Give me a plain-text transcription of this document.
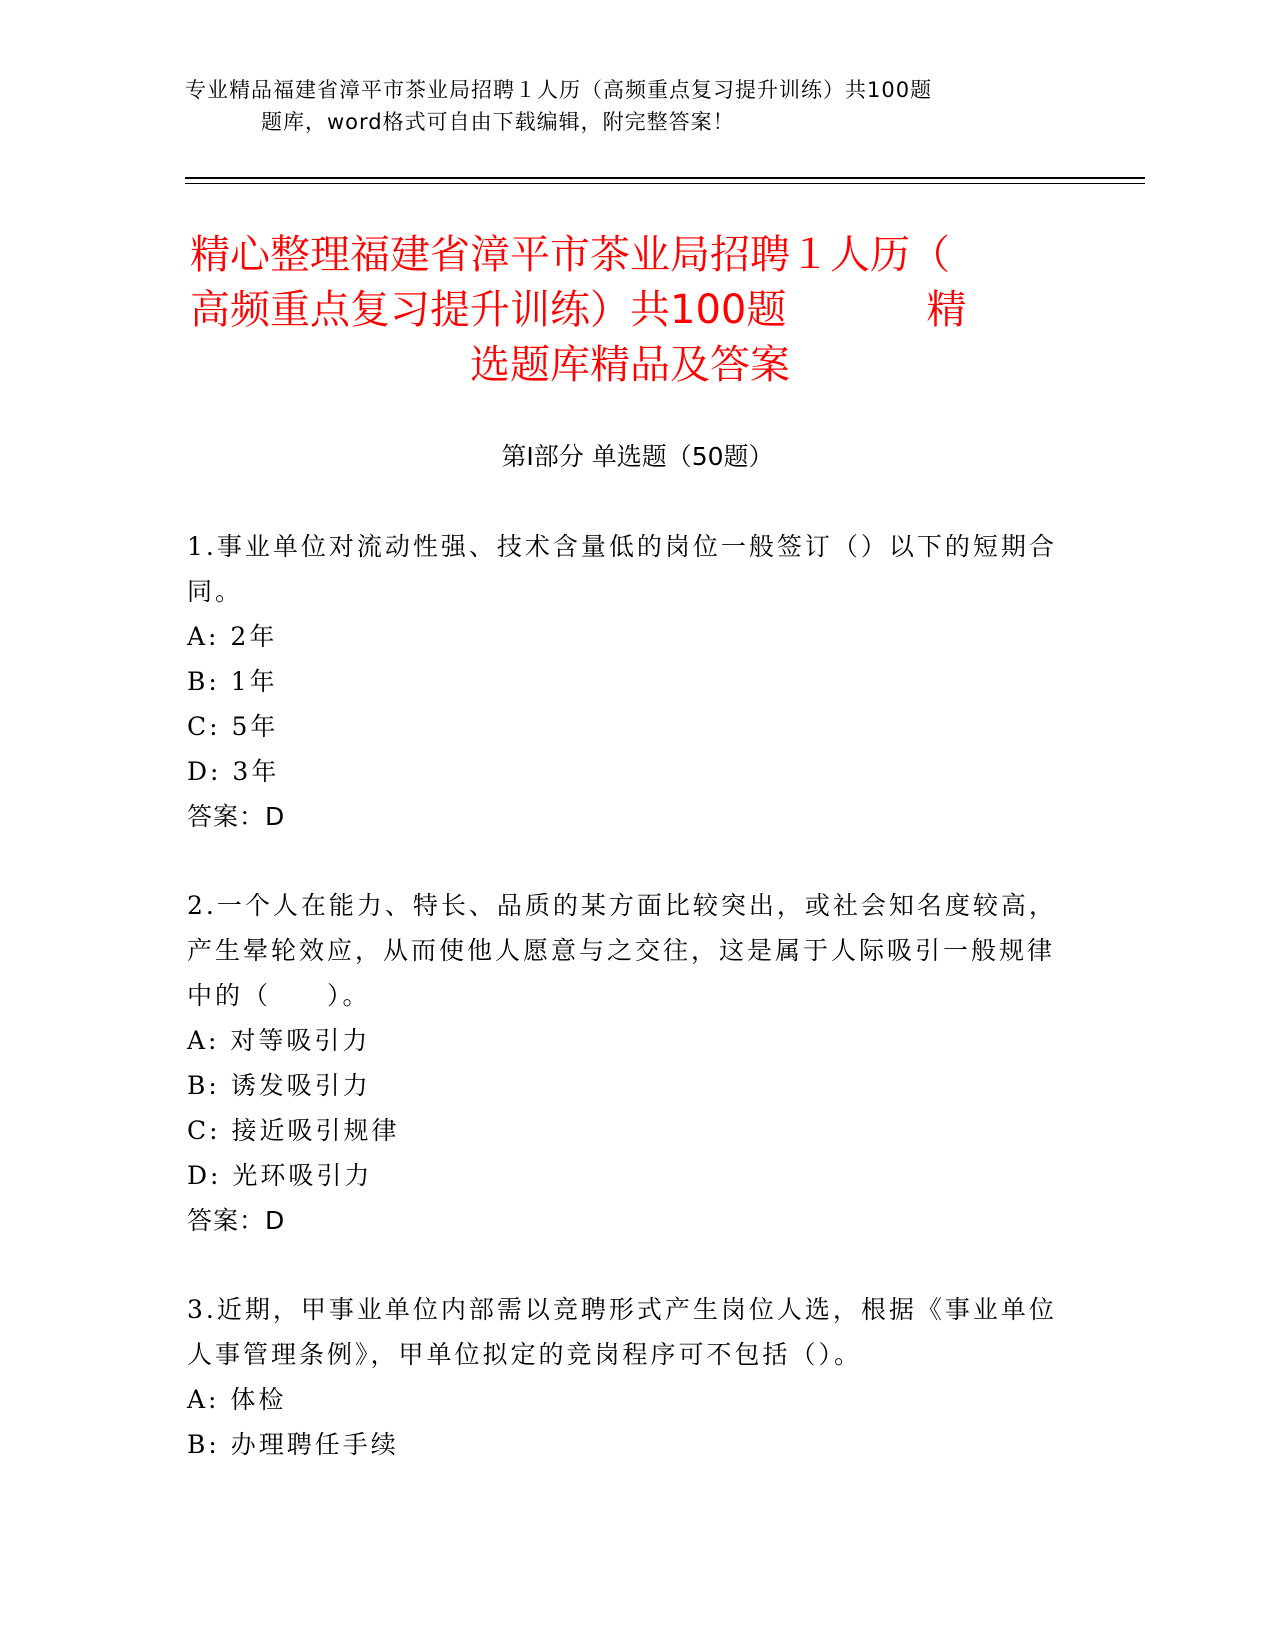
专业精品福建省漳平市茶业局招聘１人历（高频重点复习提升训练）共100题
题库，word格式可自由下载编辑，附完整答案！
精心整理福建省漳平市茶业局招聘１人历（
高频重点复习提升训练）共100题	精
选题库精品及答案
第Ⅰ部分 单选题（50题）

1.事业单位对流动性强、技术含量低的岗位一般签订（）以下的短期合同。

A: 2年

B: 1年

C: 5年

D: 3年

答案：D

2.一个人在能力、特长、品质的某方面比较突出，或社会知名度较高，产生晕轮效应，从而使他人愿意与之交往，这是属于人际吸引一般规律中的（　　）。

A: 对等吸引力

B: 诱发吸引力

C: 接近吸引规律

D: 光环吸引力

答案：D

3.近期，甲事业单位内部需以竞聘形式产生岗位人选，根据《事业单位人事管理条例》，甲单位拟定的竞岗程序可不包括（）。

A: 体检

B: 办理聘任手续
